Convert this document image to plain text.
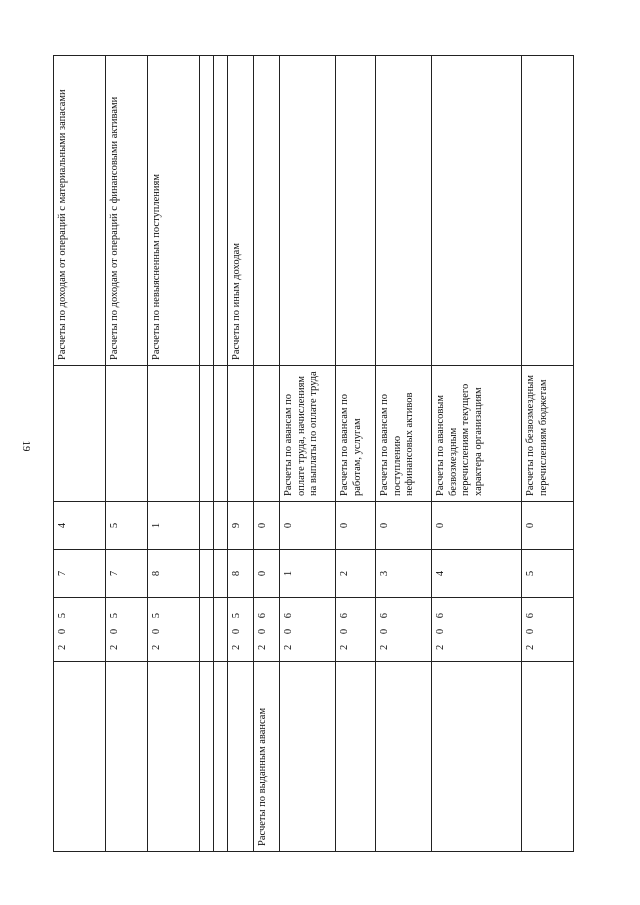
19
	2 0 5	7	4		Расчеты по доходам от операций с материальными запасами
	2 0 5	7	5		Расчеты по доходам от операций с финансовыми активами
	2 0 5	8	1		Расчеты по невыясненным поступлениям

	2 0 5	8	9		Расчеты по иным доходам
Расчеты по выданным авансам	2 0 6	0	0		
	2 0 6	1	0	Расчеты по авансам по оплате труда, начислениям на выплаты по оплате труда	
	2 0 6	2	0	Расчеты по авансам по работам, услугам	
	2 0 6	3	0	Расчеты по авансам по поступлению нефинансовых активов	
	2 0 6	4	0	Расчеты по авансовым безвозмездным перечислениям текущего характера организациям	
	2 0 6	5	0	Расчеты по безвозмездным перечислениям бюджетам	
